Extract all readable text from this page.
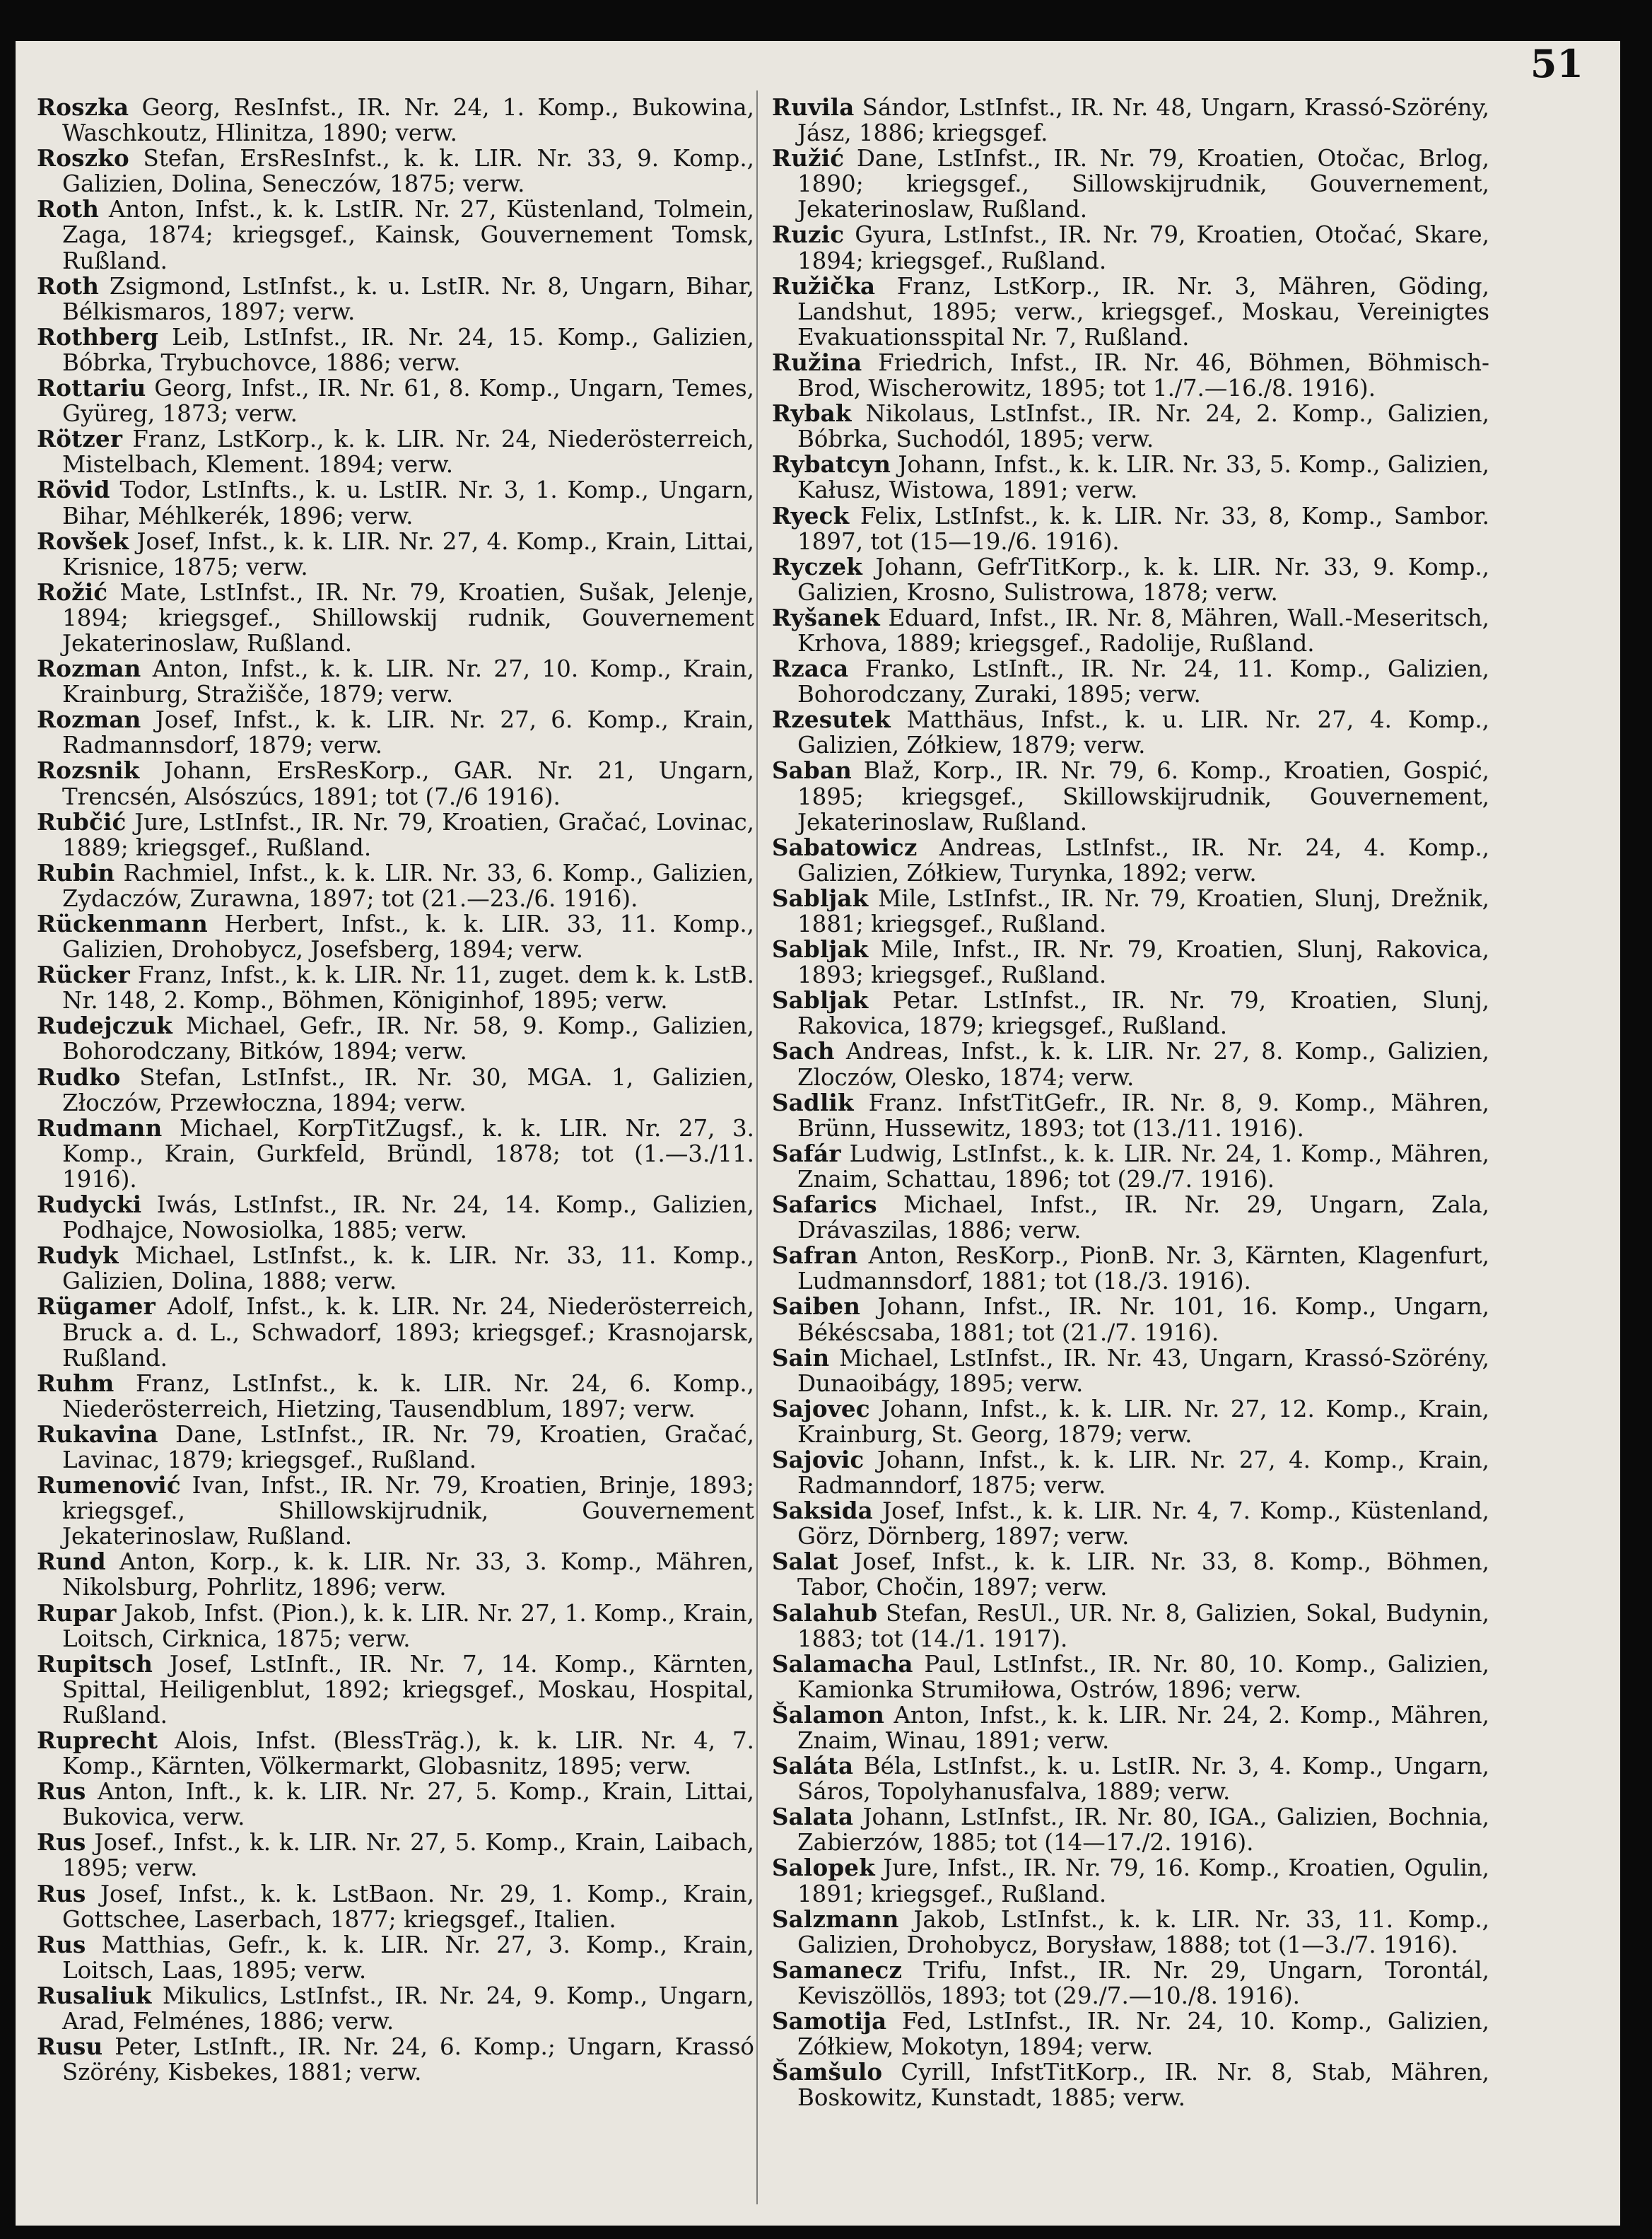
51
Roszka Georg, ResInfst., IR. Nr. 24, 1. Komp., Bukowina, Waschkoutz, Hlinitza, 1890; verw.
Roszko Stefan, ErsResInfst., k. k. LIR. Nr. 33, 9. Komp., Galizien, Dolina, Seneczów, 1875; verw.
Roth Anton, Infst., k. k. LstIR. Nr. 27, Küstenland, Tolmein, Zaga, 1874; kriegsgef., Kainsk, Gouvernement Tomsk, Rußland.
Roth Zsigmond, LstInfst., k. u. LstIR. Nr. 8, Ungarn, Bihar, Bélkismaros, 1897; verw.
Rothberg Leib, LstInfst., IR. Nr. 24, 15. Komp., Galizien, Bóbrka, Trybuchovce, 1886; verw.
Rottariu Georg, Infst., IR. Nr. 61, 8. Komp., Ungarn, Temes, Gyüreg, 1873; verw.
Rötzer Franz, LstKorp., k. k. LIR. Nr. 24, Niederösterreich, Mistelbach, Klement. 1894; verw.
Rövid Todor, LstInfts., k. u. LstIR. Nr. 3, 1. Komp., Ungarn, Bihar, Méhlkerék, 1896; verw.
Rovšek Josef, Infst., k. k. LIR. Nr. 27, 4. Komp., Krain, Littai, Krisnice, 1875; verw.
Rožić Mate, LstInfst., IR. Nr. 79, Kroatien, Sušak, Jelenje, 1894; kriegsgef., Shillowskij rudnik, Gouvernement Jekaterinoslaw, Rußland.
Rozman Anton, Infst., k. k. LIR. Nr. 27, 10. Komp., Krain, Krainburg, Stražišče, 1879; verw.
Rozman Josef, Infst., k. k. LIR. Nr. 27, 6. Komp., Krain, Radmannsdorf, 1879; verw.
Rozsnik Johann, ErsResKorp., GAR. Nr. 21, Ungarn, Trencsén, Alsószúcs, 1891; tot (7./6 1916).
Rubčić Jure, LstInfst., IR. Nr. 79, Kroatien, Gračać, Lovinac, 1889; kriegsgef., Rußland.
Rubin Rachmiel, Infst., k. k. LIR. Nr. 33, 6. Komp., Galizien, Zydaczów, Zurawna, 1897; tot (21.—23./6. 1916).
Rückenmann Herbert, Infst., k. k. LIR. 33, 11. Komp., Galizien, Drohobycz, Josefsberg, 1894; verw.
Rücker Franz, Infst., k. k. LIR. Nr. 11, zuget. dem k. k. LstB. Nr. 148, 2. Komp., Böhmen, Königinhof, 1895; verw.
Rudejczuk Michael, Gefr., IR. Nr. 58, 9. Komp., Galizien, Bohorodczany, Bitków, 1894; verw.
Rudko Stefan, LstInfst., IR. Nr. 30, MGA. 1, Galizien, Złoczów, Przewłoczna, 1894; verw.
Rudmann Michael, KorpTitZugsf., k. k. LIR. Nr. 27, 3. Komp., Krain, Gurkfeld, Bründl, 1878; tot (1.—3./11. 1916).
Rudycki Iwás, LstInfst., IR. Nr. 24, 14. Komp., Galizien, Podhajce, Nowosiolka, 1885; verw.
Rudyk Michael, LstInfst., k. k. LIR. Nr. 33, 11. Komp., Galizien, Dolina, 1888; verw.
Rügamer Adolf, Infst., k. k. LIR. Nr. 24, Niederösterreich, Bruck a. d. L., Schwadorf, 1893; kriegsgef.; Krasnojarsk, Rußland.
Ruhm Franz, LstInfst., k. k. LIR. Nr. 24, 6. Komp., Niederösterreich, Hietzing, Tausendblum, 1897; verw.
Rukavina Dane, LstInfst., IR. Nr. 79, Kroatien, Gračać, Lavinac, 1879; kriegsgef., Rußland.
Rumenović Ivan, Infst., IR. Nr. 79, Kroatien, Brinje, 1893; kriegsgef., Shillowskijrudnik, Gouvernement Jekaterinoslaw, Rußland.
Rund Anton, Korp., k. k. LIR. Nr. 33, 3. Komp., Mähren, Nikolsburg, Pohrlitz, 1896; verw.
Rupar Jakob, Infst. (Pion.), k. k. LIR. Nr. 27, 1. Komp., Krain, Loitsch, Cirknica, 1875; verw.
Rupitsch Josef, LstInft., IR. Nr. 7, 14. Komp., Kärnten, Spittal, Heiligenblut, 1892; kriegsgef., Moskau, Hospital, Rußland.
Ruprecht Alois, Infst. (BlessTräg.), k. k. LIR. Nr. 4, 7. Komp., Kärnten, Völkermarkt, Globasnitz, 1895; verw.
Rus Anton, Inft., k. k. LIR. Nr. 27, 5. Komp., Krain, Littai, Bukovica, verw.
Rus Josef., Infst., k. k. LIR. Nr. 27, 5. Komp., Krain, Laibach, 1895; verw.
Rus Josef, Infst., k. k. LstBaon. Nr. 29, 1. Komp., Krain, Gottschee, Laserbach, 1877; kriegsgef., Italien.
Rus Matthias, Gefr., k. k. LIR. Nr. 27, 3. Komp., Krain, Loitsch, Laas, 1895; verw.
Rusaliuk Mikulics, LstInfst., IR. Nr. 24, 9. Komp., Ungarn, Arad, Felménes, 1886; verw.
Rusu Peter, LstInft., IR. Nr. 24, 6. Komp.; Ungarn, Krassó Szörény, Kisbekes, 1881; verw.
Ruvila Sándor, LstInfst., IR. Nr. 48, Ungarn, Krassó-Szörény, Jász, 1886; kriegsgef.
Ružić Dane, LstInfst., IR. Nr. 79, Kroatien, Otočac, Brlog, 1890; kriegsgef., Sillowskijrudnik, Gouvernement, Jekaterinoslaw, Rußland.
Ruzic Gyura, LstInfst., IR. Nr. 79, Kroatien, Otočać, Skare, 1894; kriegsgef., Rußland.
Ružička Franz, LstKorp., IR. Nr. 3, Mähren, Göding, Landshut, 1895; verw., kriegsgef., Moskau, Vereinigtes Evakuationsspital Nr. 7, Rußland.
Ružina Friedrich, Infst., IR. Nr. 46, Böhmen, Böhmisch-Brod, Wischerowitz, 1895; tot 1./7.—16./8. 1916).
Rybak Nikolaus, LstInfst., IR. Nr. 24, 2. Komp., Galizien, Bóbrka, Suchodól, 1895; verw.
Rybatcyn Johann, Infst., k. k. LIR. Nr. 33, 5. Komp., Galizien, Kałusz, Wistowa, 1891; verw.
Ryeck Felix, LstInfst., k. k. LIR. Nr. 33, 8, Komp., Sambor. 1897, tot (15—19./6. 1916).
Ryczek Johann, GefrTitKorp., k. k. LIR. Nr. 33, 9. Komp., Galizien, Krosno, Sulistrowa, 1878; verw.
Ryšanek Eduard, Infst., IR. Nr. 8, Mähren, Wall.-Meseritsch, Krhova, 1889; kriegsgef., Radolije, Rußland.
Rzaca Franko, LstInft., IR. Nr. 24, 11. Komp., Galizien, Bohorodczany, Zuraki, 1895; verw.
Rzesutek Matthäus, Infst., k. u. LIR. Nr. 27, 4. Komp., Galizien, Zółkiew, 1879; verw.
Saban Blaž, Korp., IR. Nr. 79, 6. Komp., Kroatien, Gospić, 1895; kriegsgef., Skillowskijrudnik, Gouvernement, Jekaterinoslaw, Rußland.
Sabatowicz Andreas, LstInfst., IR. Nr. 24, 4. Komp., Galizien, Zółkiew, Turynka, 1892; verw.
Sabljak Mile, LstInfst., IR. Nr. 79, Kroatien, Slunj, Drežnik, 1881; kriegsgef., Rußland.
Sabljak Mile, Infst., IR. Nr. 79, Kroatien, Slunj, Rakovica, 1893; kriegsgef., Rußland.
Sabljak Petar. LstInfst., IR. Nr. 79, Kroatien, Slunj, Rakovica, 1879; kriegsgef., Rußland.
Sach Andreas, Infst., k. k. LIR. Nr. 27, 8. Komp., Galizien, Zloczów, Olesko, 1874; verw.
Sadlik Franz. InfstTitGefr., IR. Nr. 8, 9. Komp., Mähren, Brünn, Hussewitz, 1893; tot (13./11. 1916).
Safár Ludwig, LstInfst., k. k. LIR. Nr. 24, 1. Komp., Mähren, Znaim, Schattau, 1896; tot (29./7. 1916).
Safarics Michael, Infst., IR. Nr. 29, Ungarn, Zala, Drávaszilas, 1886; verw.
Safran Anton, ResKorp., PionB. Nr. 3, Kärnten, Klagenfurt, Ludmannsdorf, 1881; tot (18./3. 1916).
Saiben Johann, Infst., IR. Nr. 101, 16. Komp., Ungarn, Békéscsaba, 1881; tot (21./7. 1916).
Sain Michael, LstInfst., IR. Nr. 43, Ungarn, Krassó-Szörény, Dunaoibágy, 1895; verw.
Sajovec Johann, Infst., k. k. LIR. Nr. 27, 12. Komp., Krain, Krainburg, St. Georg, 1879; verw.
Sajovic Johann, Infst., k. k. LIR. Nr. 27, 4. Komp., Krain, Radmanndorf, 1875; verw.
Saksida Josef, Infst., k. k. LIR. Nr. 4, 7. Komp., Küstenland, Görz, Dörnberg, 1897; verw.
Salat Josef, Infst., k. k. LIR. Nr. 33, 8. Komp., Böhmen, Tabor, Chočin, 1897; verw.
Salahub Stefan, ResUl., UR. Nr. 8, Galizien, Sokal, Budynin, 1883; tot (14./1. 1917).
Salamacha Paul, LstInfst., IR. Nr. 80, 10. Komp., Galizien, Kamionka Strumiłowa, Ostrów, 1896; verw.
Šalamon Anton, Infst., k. k. LIR. Nr. 24, 2. Komp., Mähren, Znaim, Winau, 1891; verw.
Saláta Béla, LstInfst., k. u. LstIR. Nr. 3, 4. Komp., Ungarn, Sáros, Topolyhanusfalva, 1889; verw.
Salata Johann, LstInfst., IR. Nr. 80, IGA., Galizien, Bochnia, Zabierzów, 1885; tot (14—17./2. 1916).
Salopek Jure, Infst., IR. Nr. 79, 16. Komp., Kroatien, Ogulin, 1891; kriegsgef., Rußland.
Salzmann Jakob, LstInfst., k. k. LIR. Nr. 33, 11. Komp., Galizien, Drohobycz, Borysław, 1888; tot (1—3./7. 1916).
Samanecz Trifu, Infst., IR. Nr. 29, Ungarn, Torontál, Keviszöllös, 1893; tot (29./7.—10./8. 1916).
Samotija Fed, LstInfst., IR. Nr. 24, 10. Komp., Galizien, Zółkiew, Mokotyn, 1894; verw.
Šamšulo Cyrill, InfstTitKorp., IR. Nr. 8, Stab, Mähren, Boskowitz, Kunstadt, 1885; verw.
